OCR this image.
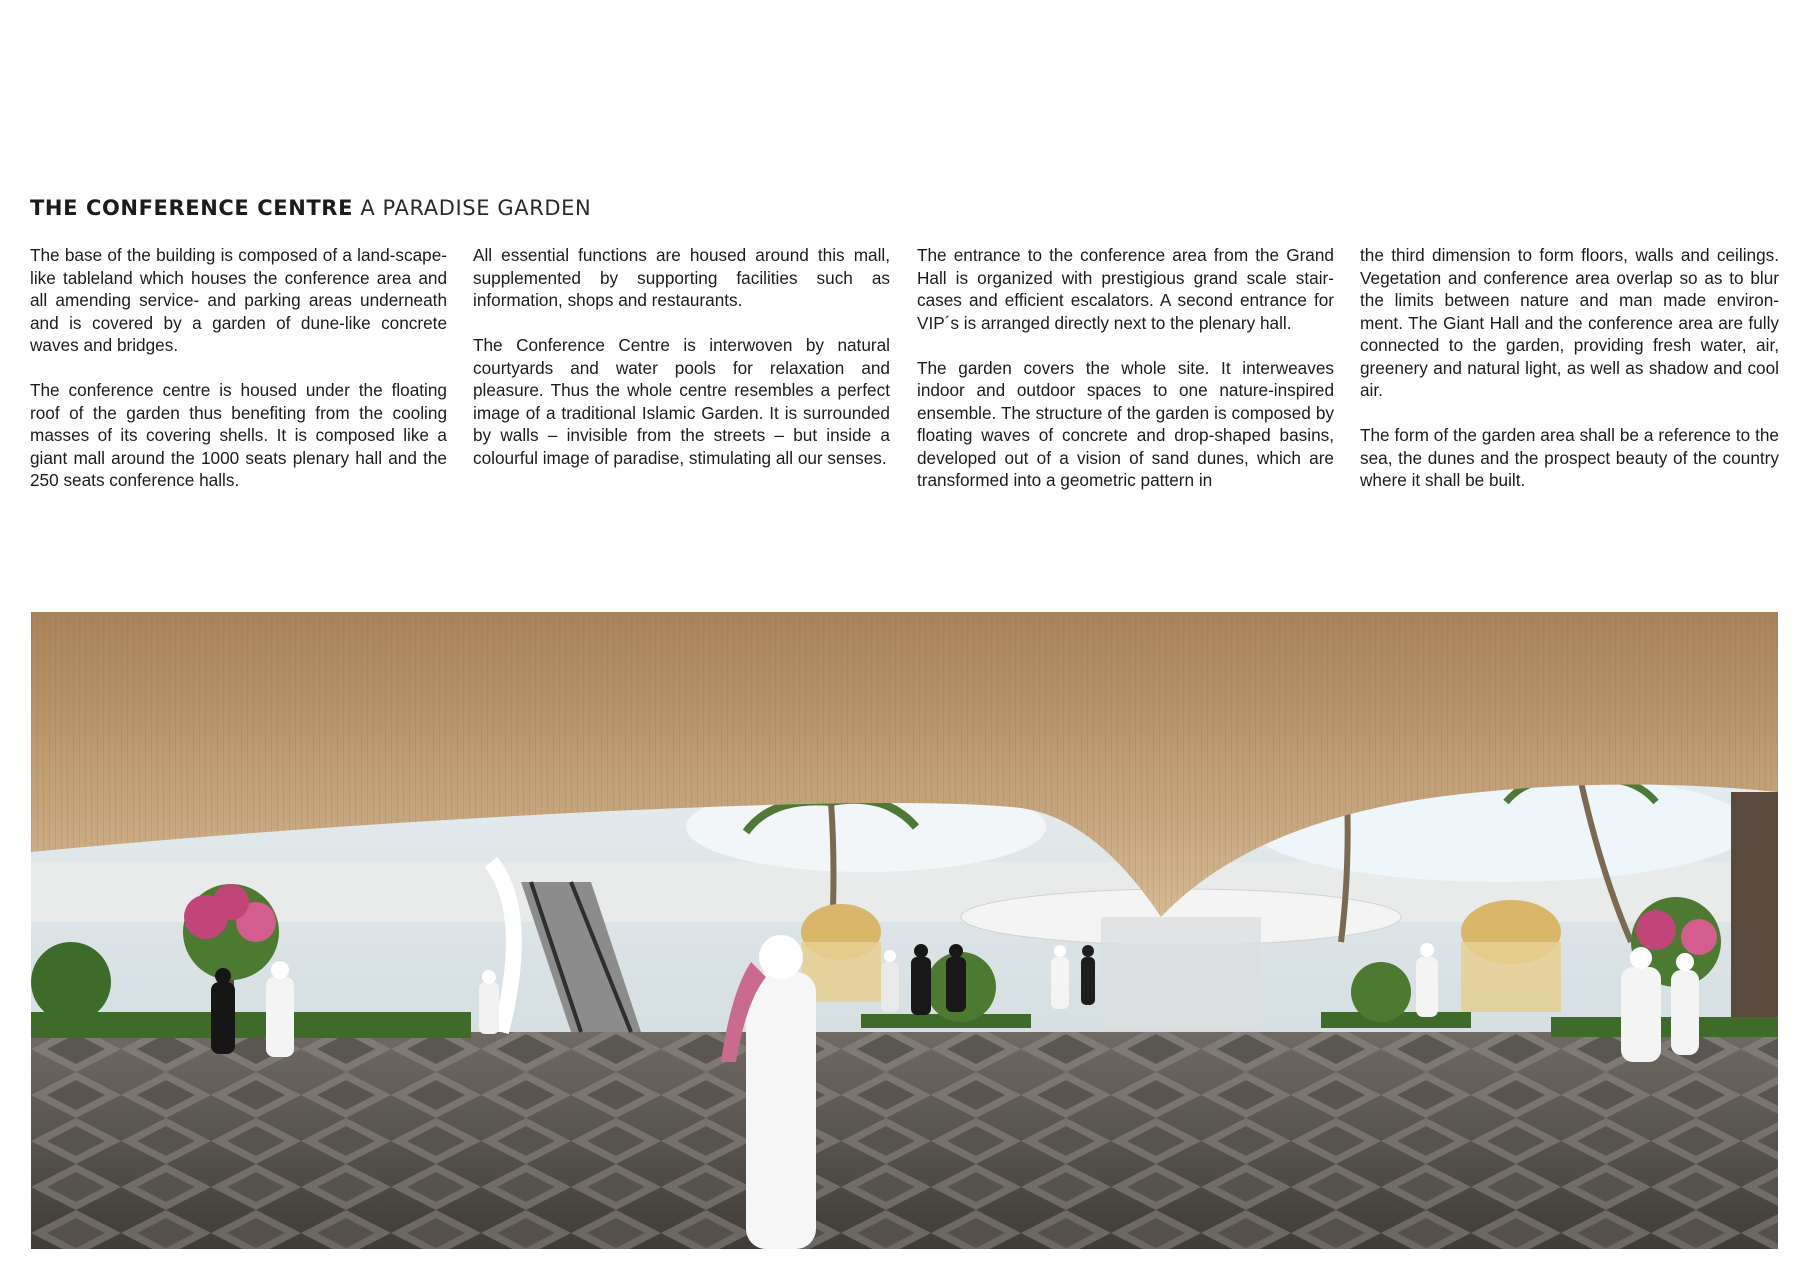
THE CONFERENCE CENTRE A PARADISE GARDEN

The base of the building is composed of a land-scape-like tableland which houses the conference area and all amending service- and parking areas underneath and is covered by a garden of dune-like concrete waves and bridges.

The conference centre is housed under the floating roof of the garden thus benefiting from the cooling masses of its covering shells. It is composed like a giant mall around the 1000 seats plenary hall and the 250 seats conference halls.

All essential functions are housed around this mall, supplemented by supporting facilities such as information, shops and restaurants.

The Conference Centre is interwoven by natural courtyards and water pools for relaxation and pleasure. Thus the whole centre resembles a perfect image of a traditional Islamic Garden. It is surrounded by walls – invisible from the streets – but inside a colourful image of paradise, stimulating all our senses.

The entrance to the conference area from the Grand Hall is organized with prestigious grand scale stair-cases and efficient escalators. A second entrance for VIP´s is arranged directly next to the plenary hall.

The garden covers the whole site. It interweaves indoor and outdoor spaces to one nature-inspired ensemble. The structure of the garden is composed by floating waves of concrete and drop-shaped basins, developed out of a vision of sand dunes, which are transformed into a geometric pattern in

the third dimension to form floors, walls and ceilings. Vegetation and conference area overlap so as to blur the limits between nature and man made environ-ment. The Giant Hall and the conference area are fully connected to the garden, providing fresh water, air, greenery and natural light, as well as shadow and cool air.

The form of the garden area shall be a reference to the sea, the dunes and the prospect beauty of the country where it shall be built.
